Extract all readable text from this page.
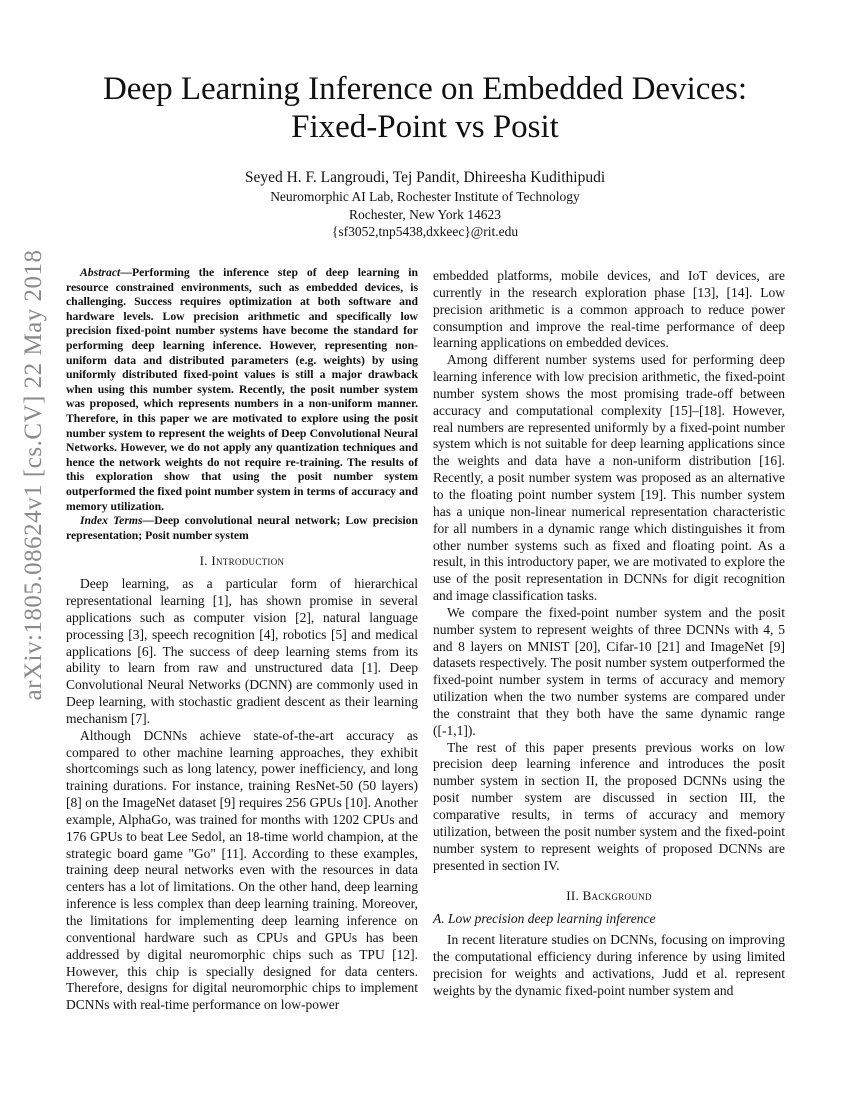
arXiv:1805.08624v1 [cs.CV] 22 May 2018
Deep Learning Inference on Embedded Devices:
Fixed-Point vs Posit
Seyed H. F. Langroudi, Tej Pandit, Dhireesha Kudithipudi
Neuromorphic AI Lab, Rochester Institute of Technology
Rochester, New York 14623
{sf3052,tnp5438,dxkeec}@rit.edu

Abstract—Performing the inference step of deep learning in resource constrained environments, such as embedded devices, is challenging. Success requires optimization at both software and hardware levels. Low precision arithmetic and specifically low precision fixed-point number systems have become the standard for performing deep learning inference. However, representing non-uniform data and distributed parameters (e.g. weights) by using uniformly distributed fixed-point values is still a major drawback when using this number system. Recently, the posit number system was proposed, which represents numbers in a non-uniform manner. Therefore, in this paper we are motivated to explore using the posit number system to represent the weights of Deep Convolutional Neural Networks. However, we do not apply any quantization techniques and hence the network weights do not require re-training. The results of this exploration show that using the posit number system outperformed the fixed point number system in terms of accuracy and memory utilization.

Index Terms—Deep convolutional neural network; Low precision representation; Posit number system

I. Introduction

Deep learning, as a particular form of hierarchical representational learning [1], has shown promise in several applications such as computer vision [2], natural language processing [3], speech recognition [4], robotics [5] and medical applications [6]. The success of deep learning stems from its ability to learn from raw and unstructured data [1]. Deep Convolutional Neural Networks (DCNN) are commonly used in Deep learning, with stochastic gradient descent as their learning mechanism [7].

Although DCNNs achieve state-of-the-art accuracy as compared to other machine learning approaches, they exhibit shortcomings such as long latency, power inefficiency, and long training durations. For instance, training ResNet-50 (50 layers) [8] on the ImageNet dataset [9] requires 256 GPUs [10]. Another example, AlphaGo, was trained for months with 1202 CPUs and 176 GPUs to beat Lee Sedol, an 18-time world champion, at the strategic board game "Go" [11]. According to these examples, training deep neural networks even with the resources in data centers has a lot of limitations. On the other hand, deep learning inference is less complex than deep learning training. Moreover, the limitations for implementing deep learning inference on conventional hardware such as CPUs and GPUs has been addressed by digital neuromorphic chips such as TPU [12]. However, this chip is specially designed for data centers. Therefore, designs for digital neuromorphic chips to implement DCNNs with real-time performance on low-power

embedded platforms, mobile devices, and IoT devices, are currently in the research exploration phase [13], [14]. Low precision arithmetic is a common approach to reduce power consumption and improve the real-time performance of deep learning applications on embedded devices.

Among different number systems used for performing deep learning inference with low precision arithmetic, the fixed-point number system shows the most promising trade-off between accuracy and computational complexity [15]–[18]. However, real numbers are represented uniformly by a fixed-point number system which is not suitable for deep learning applications since the weights and data have a non-uniform distribution [16]. Recently, a posit number system was proposed as an alternative to the floating point number system [19]. This number system has a unique non-linear numerical representation characteristic for all numbers in a dynamic range which distinguishes it from other number systems such as fixed and floating point. As a result, in this introductory paper, we are motivated to explore the use of the posit representation in DCNNs for digit recognition and image classification tasks.

We compare the fixed-point number system and the posit number system to represent weights of three DCNNs with 4, 5 and 8 layers on MNIST [20], Cifar-10 [21] and ImageNet [9] datasets respectively. The posit number system outperformed the fixed-point number system in terms of accuracy and memory utilization when the two number systems are compared under the constraint that they both have the same dynamic range ([-1,1]).

The rest of this paper presents previous works on low precision deep learning inference and introduces the posit number system in section II, the proposed DCNNs using the posit number system are discussed in section III, the comparative results, in terms of accuracy and memory utilization, between the posit number system and the fixed-point number system to represent weights of proposed DCNNs are presented in section IV.

II. Background
A. Low precision deep learning inference

In recent literature studies on DCNNs, focusing on improving the computational efficiency during inference by using limited precision for weights and activations, Judd et al. represent weights by the dynamic fixed-point number system and
